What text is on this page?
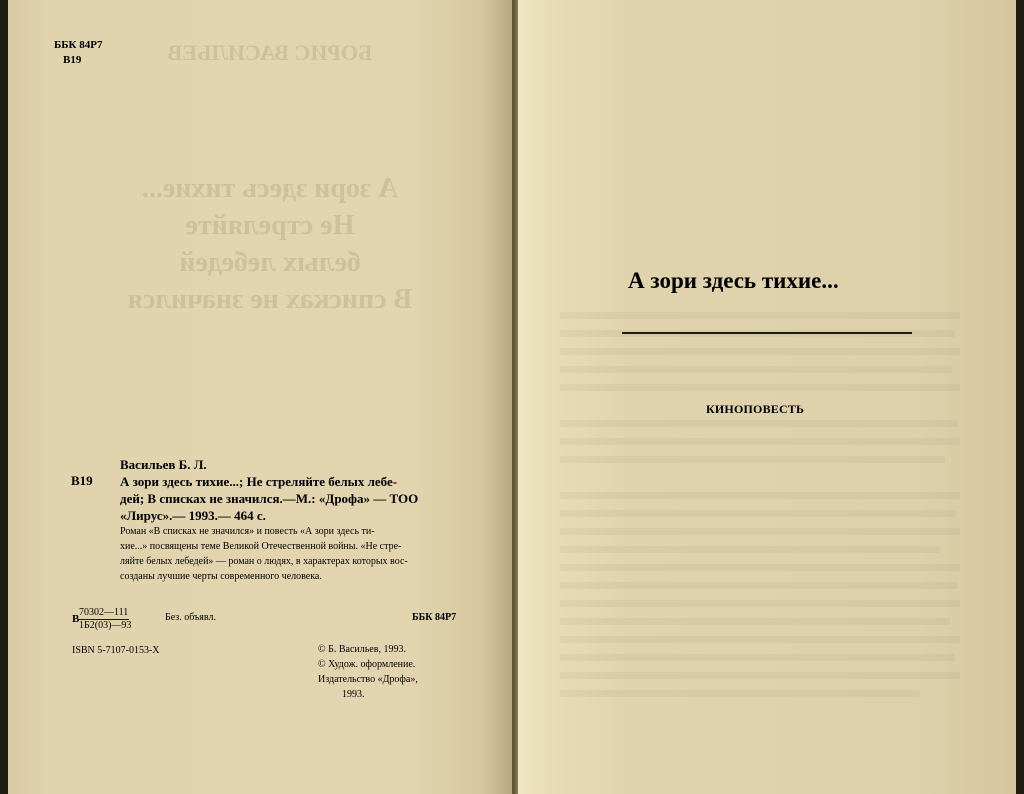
БОРИС ВАСИЛЬЕВ
А зори здесь тихие...
Не стреляйте
белых лебедей
В списках не значился
ББК 84Р7
В19
Васильев Б. Л.
В19 А зори здесь тихие...; Не стреляйте белых лебе-
дей; В списках не значился.—М.: «Дрофа» — ТОО
«Лирус».— 1993.— 464 с.
Роман «В списках не значился» и повесть «А зори здесь ти-
хие...» посвящены теме Великой Отечественной войны. «Не стре-
ляйте белых лебедей» — роман о людях, в характерах которых вос-
созданы лучшие черты современного человека.
В
70302—111
1Б2(03)—93
Без. объявл.	ББК 84Р7
ISBN 5-7107-0153-Х	© Б. Васильев, 1993.
© Худож. оформление.
Издательство «Дрофа»,
1993.
А зори здесь тихие...
КИНОПОВЕСТЬ
